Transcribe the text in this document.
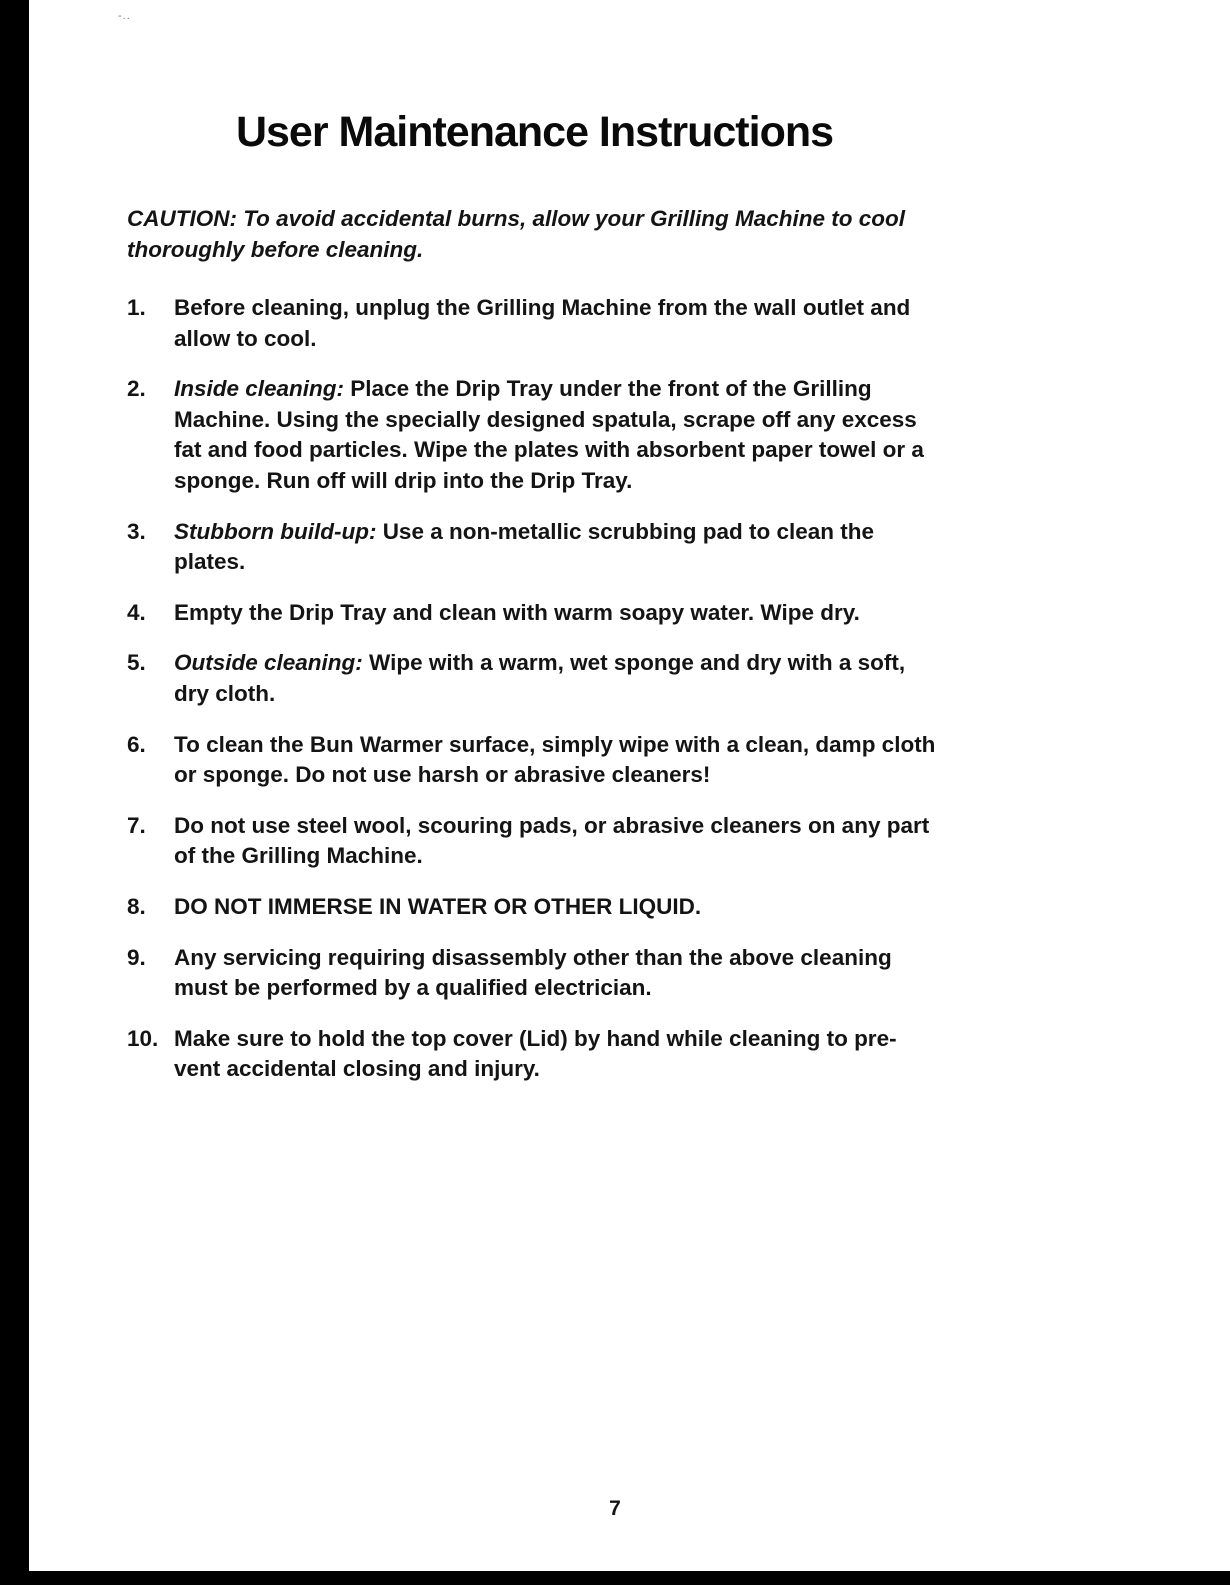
-..
User Maintenance Instructions

CAUTION: To avoid accidental burns, allow your Grilling Machine to cool thoroughly before cleaning.

1.	Before cleaning, unplug the Grilling Machine from the wall outlet and allow to cool.
2.	Inside cleaning: Place the Drip Tray under the front of the Grilling Machine. Using the specially designed spatula, scrape off any excess fat and food particles. Wipe the plates with absorbent paper towel or a sponge. Run off will drip into the Drip Tray.
3.	Stubborn build-up: Use a non-metallic scrubbing pad to clean the plates.
4.	Empty the Drip Tray and clean with warm soapy water. Wipe dry.
5.	Outside cleaning: Wipe with a warm, wet sponge and dry with a soft, dry cloth.
6.	To clean the Bun Warmer surface, simply wipe with a clean, damp cloth or sponge. Do not use harsh or abrasive cleaners!
7.	Do not use steel wool, scouring pads, or abrasive cleaners on any part of the Grilling Machine.
8.	DO NOT IMMERSE IN WATER OR OTHER LIQUID.
9.	Any servicing requiring disassembly other than the above cleaning must be performed by a qualified electrician.
10. Make sure to hold the top cover (Lid) by hand while cleaning to pre-vent accidental closing and injury.
7
